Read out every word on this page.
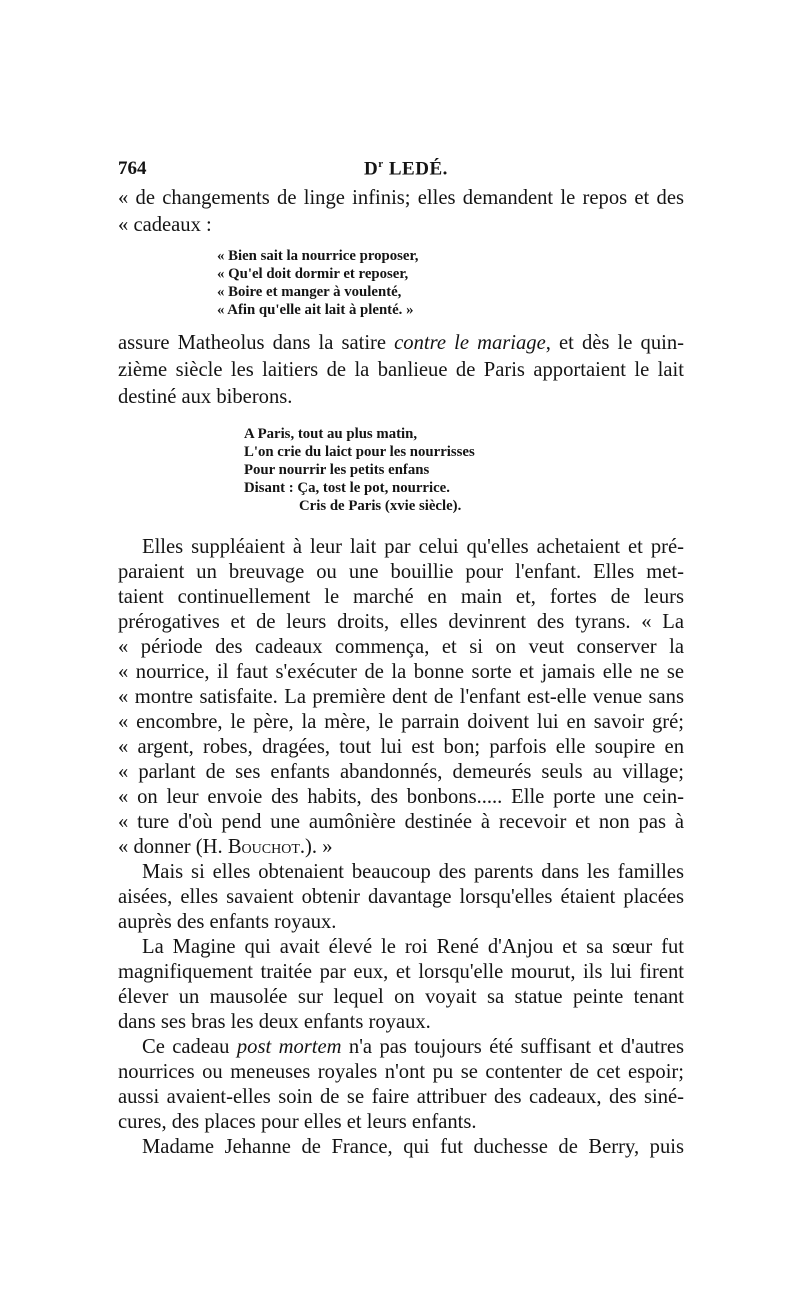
764	$D^r$ LEDÉ.
« de changements de linge infinis; elles demandent le repos et des
« cadeaux :
« Bien sait la nourrice proposer,
« Qu'el doit dormir et reposer,
« Boire et manger à voulenté,
« Afin qu'elle ait lait à plenté. »
assure Matheolus dans la satire contre le mariage, et dès le quin-
zième siècle les laitiers de la banlieue de Paris apportaient le lait
destiné aux biberons.
A Paris, tout au plus matin,
L'on crie du laict pour les nourrisses
Pour nourrir les petits enfans
Disant : Ça, tost le pot, nourrice.
Cris de Paris (xvie siècle).
Elles suppléaient à leur lait par celui qu'elles achetaient et pré-
paraient un breuvage ou une bouillie pour l'enfant. Elles met-
taient continuellement le marché en main et, fortes de leurs
prérogatives et de leurs droits, elles devinrent des tyrans. « La
« période des cadeaux commença, et si on veut conserver la
« nourrice, il faut s'exécuter de la bonne sorte et jamais elle ne se
« montre satisfaite. La première dent de l'enfant est-elle venue sans
« encombre, le père, la mère, le parrain doivent lui en savoir gré;
« argent, robes, dragées, tout lui est bon; parfois elle soupire en
« parlant de ses enfants abandonnés, demeurés seuls au village;
« on leur envoie des habits, des bonbons..... Elle porte une cein-
« ture d'où pend une aumônière destinée à recevoir et non pas à
« donner (H. Bouchot.). »
Mais si elles obtenaient beaucoup des parents dans les familles
aisées, elles savaient obtenir davantage lorsqu'elles étaient placées
auprès des enfants royaux.
La Magine qui avait élevé le roi René d'Anjou et sa sœur fut
magnifiquement traitée par eux, et lorsqu'elle mourut, ils lui firent
élever un mausolée sur lequel on voyait sa statue peinte tenant
dans ses bras les deux enfants royaux.
Ce cadeau post mortem n'a pas toujours été suffisant et d'autres
nourrices ou meneuses royales n'ont pu se contenter de cet espoir;
aussi avaient-elles soin de se faire attribuer des cadeaux, des siné-
cures, des places pour elles et leurs enfants.
Madame Jehanne de France, qui fut duchesse de Berry, puis
